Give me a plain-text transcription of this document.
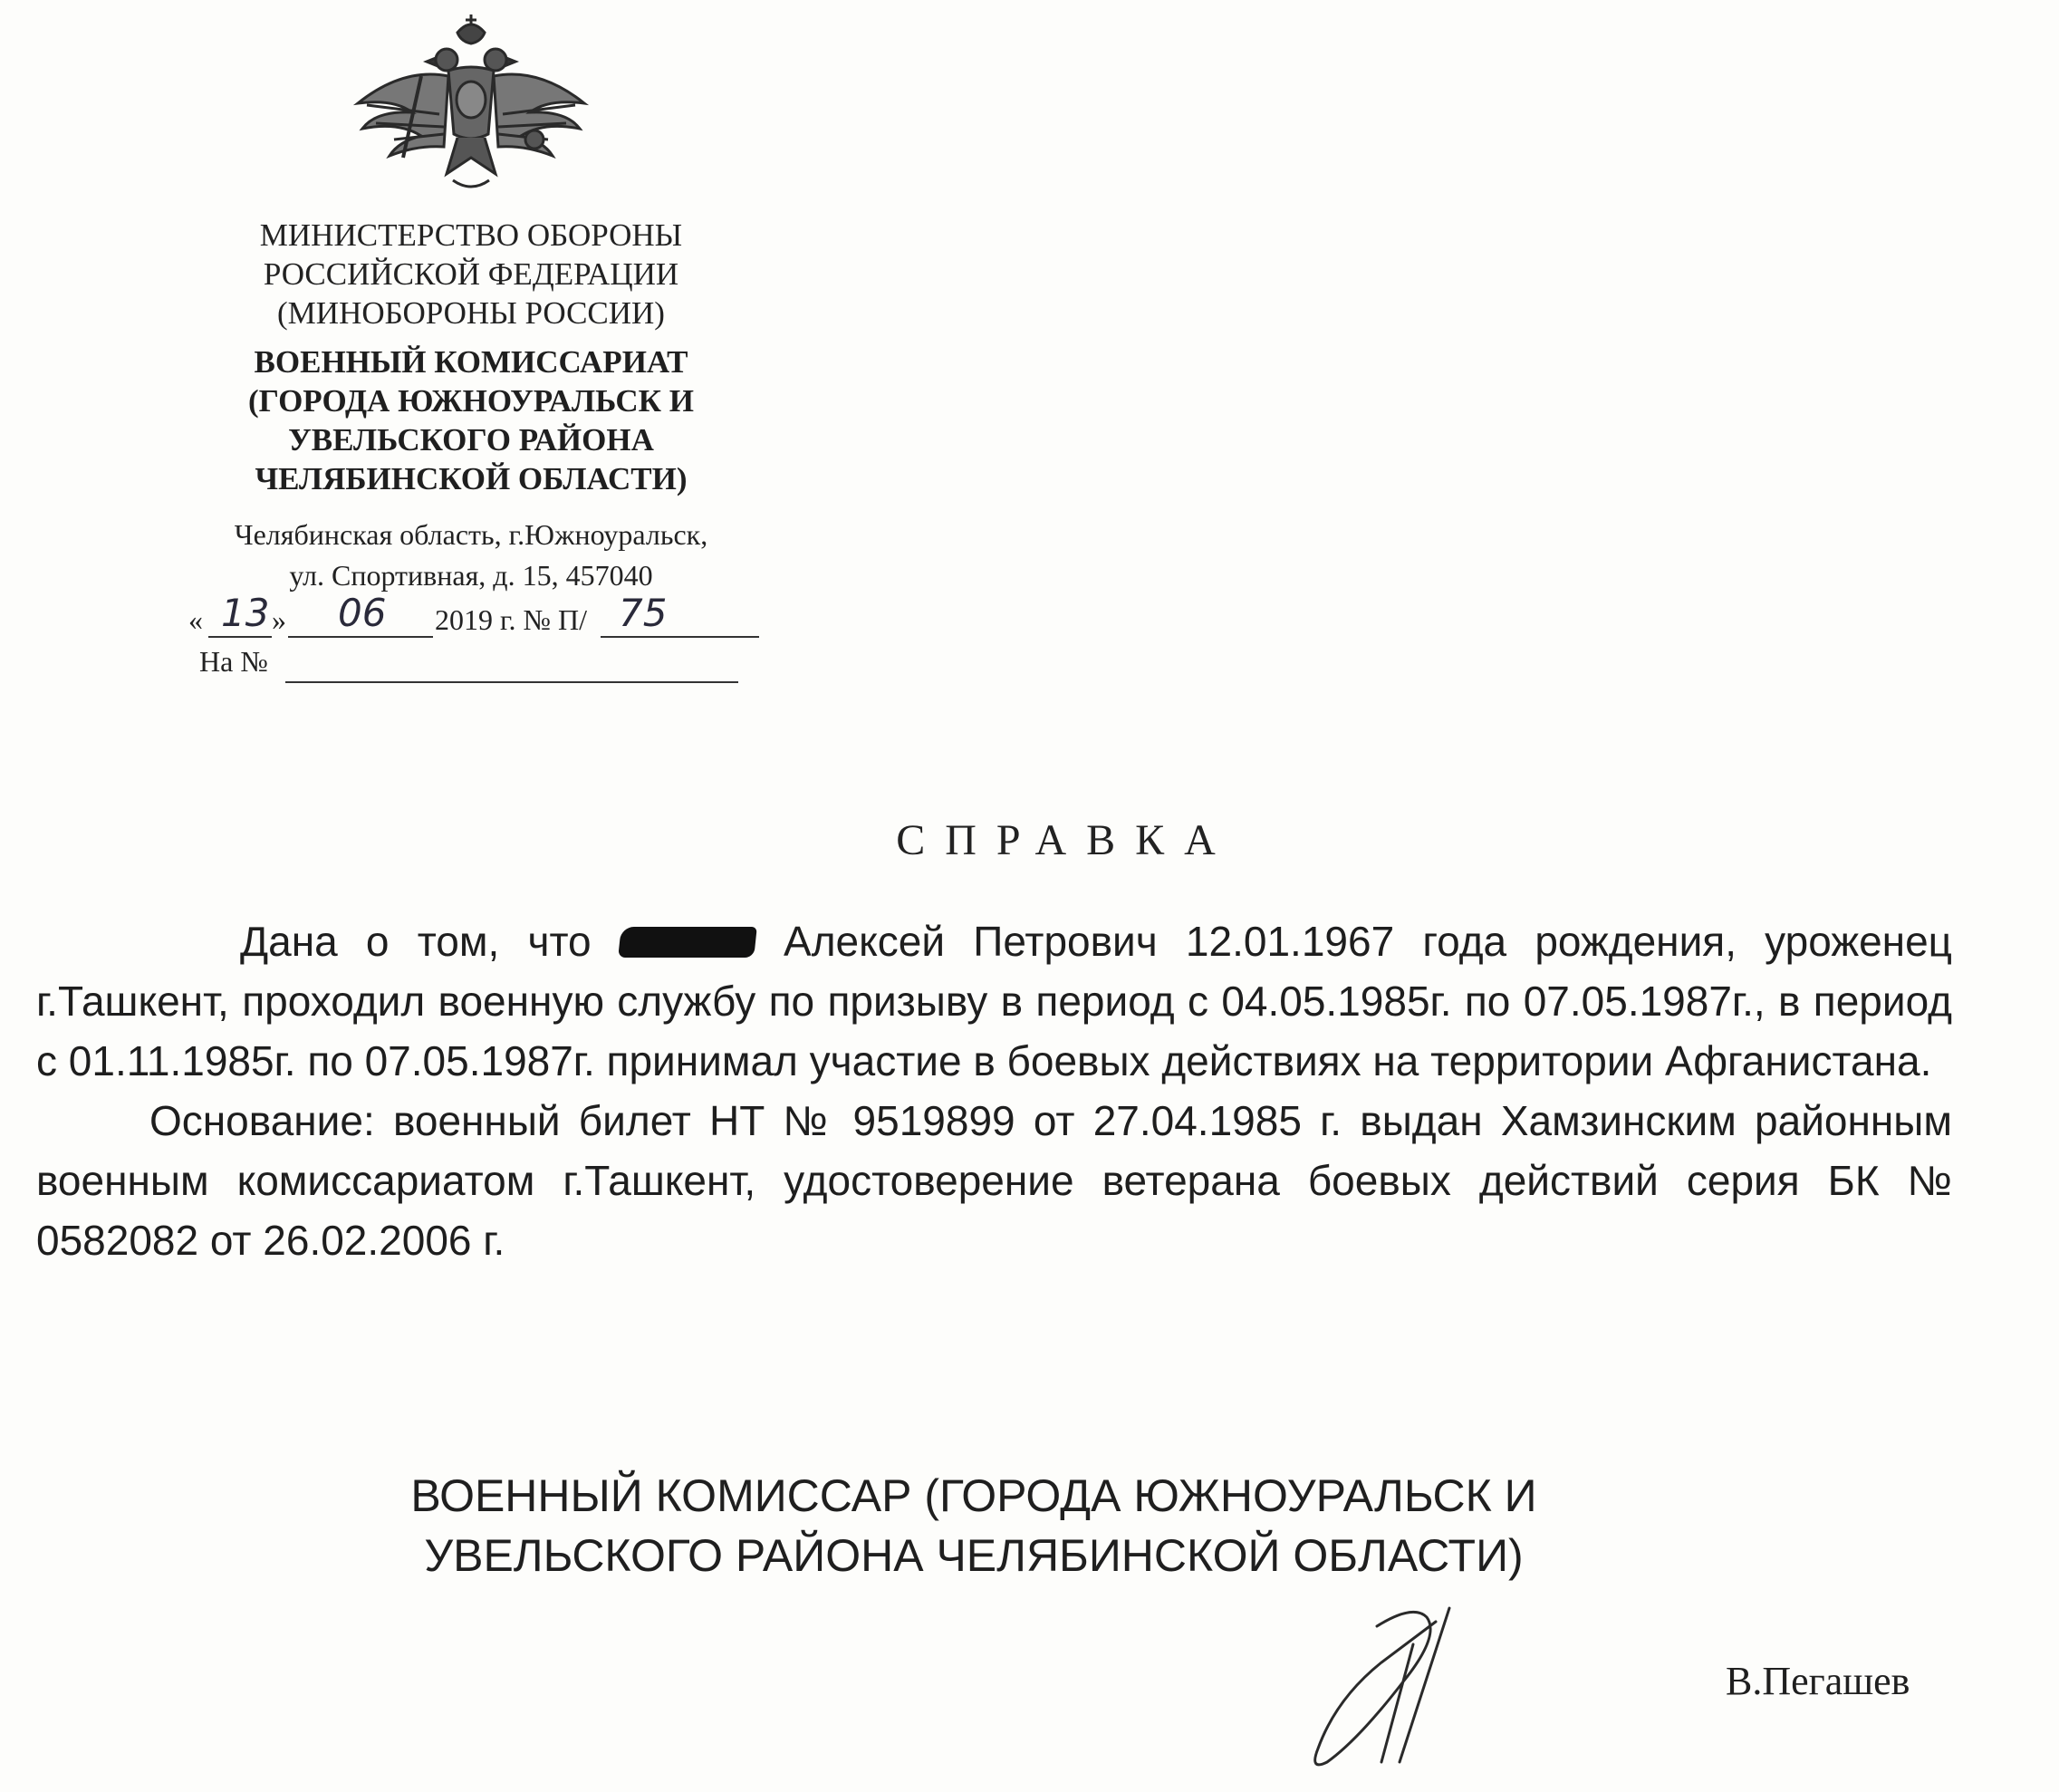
МИНИСТЕРСТВО ОБОРОНЫ
РОССИЙСКОЙ ФЕДЕРАЦИИ
(МИНОБОРОНЫ РОССИИ)
ВОЕННЫЙ КОМИССАРИАТ
(ГОРОДА ЮЖНОУРАЛЬСК И
УВЕЛЬСКОГО РАЙОНА
ЧЕЛЯБИНСКОЙ ОБЛАСТИ)
Челябинская область, г.Южноуральск,
ул. Спортивная, д. 15, 457040
« 13 » 06 2019 г. № П/ 75
На №
СПРАВКА

Дана о том, что	Алексей Петрович 12.01.1967 года рождения, уроженец г.Ташкент, проходил военную службу по призыву в период с 04.05.1985г. по 07.05.1987г., в период с 01.11.1985г. по 07.05.1987г. принимал участие в боевых действиях на территории Афганистана.

Основание: военный билет НТ № 9519899 от 27.04.1985 г. выдан Хамзинским районным военным комиссариатом г.Ташкент, удостоверение ветерана боевых действий серия БК № 0582082 от 26.02.2006 г.

ВОЕННЫЙ КОМИССАР (ГОРОДА ЮЖНОУРАЛЬСК И
УВЕЛЬСКОГО РАЙОНА ЧЕЛЯБИНСКОЙ ОБЛАСТИ)
В.Пегашев
